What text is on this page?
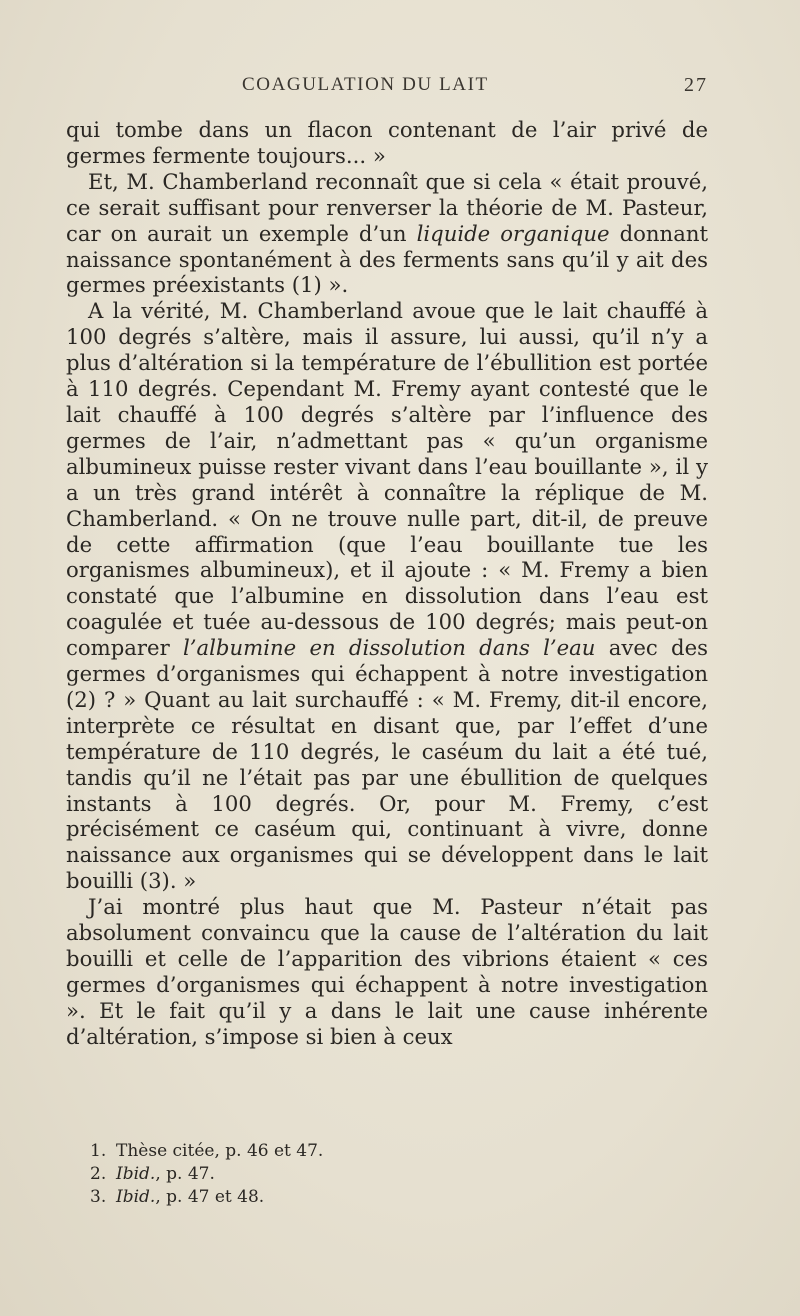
COAGULATION DU LAIT	27

qui tombe dans un flacon contenant de l’air privé de germes fermente toujours... »

Et, M. Chamberland reconnaît que si cela « était prouvé, ce serait suffisant pour renverser la théorie de M. Pasteur, car on aurait un exemple d’un liquide organique donnant naissance spontanément à des ferments sans qu’il y ait des germes préexistants (1) ».

A la vérité, M. Chamberland avoue que le lait chauffé à 100 degrés s’altère, mais il assure, lui aussi, qu’il n’y a plus d’altération si la température de l’ébullition est portée à 110 degrés. Cependant M. Fremy ayant contesté que le lait chauffé à 100 degrés s’altère par l’influence des germes de l’air, n’admettant pas « qu’un organisme albumineux puisse rester vivant dans l’eau bouillante », il y a un très grand intérêt à connaître la réplique de M. Chamberland. « On ne trouve nulle part, dit-il, de preuve de cette affirmation (que l’eau bouillante tue les organismes albumineux), et il ajoute : « M. Fremy a bien constaté que l’albumine en dissolution dans l’eau est coagulée et tuée au-dessous de 100 degrés; mais peut-on comparer l’albumine en dissolution dans l’eau avec des germes d’organismes qui échappent à notre investigation (2) ? » Quant au lait surchauffé : « M. Fremy, dit-il encore, interprète ce résultat en disant que, par l’effet d’une température de 110 degrés, le caséum du lait a été tué, tandis qu’il ne l’était pas par une ébullition de quelques instants à 100 degrés. Or, pour M. Fremy, c’est précisément ce caséum qui, continuant à vivre, donne naissance aux organismes qui se développent dans le lait bouilli (3). »

J’ai montré plus haut que M. Pasteur n’était pas absolument convaincu que la cause de l’altération du lait bouilli et celle de l’apparition des vibrions étaient « ces germes d’organismes qui échappent à notre investigation ». Et le fait qu’il y a dans le lait une cause inhérente d’altération, s’impose si bien à ceux

1. Thèse citée, p. 46 et 47.
2. Ibid., p. 47.
3. Ibid., p. 47 et 48.
